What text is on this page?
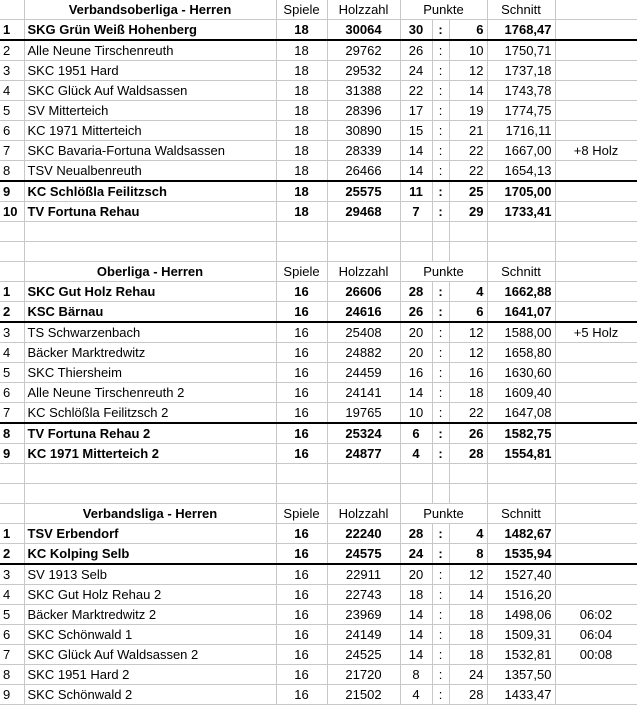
	Verbandsoberliga - Herren	Spiele	Holzzahl	Punkte			Schnitt	
1	SKG Grün Weiß Hohenberg	18	30064	30	:	6	1768,47	
2	Alle Neune Tirschenreuth	18	29762	26	:	10	1750,71	
3	SKC 1951 Hard	18	29532	24	:	12	1737,18	
4	SKC Glück Auf Waldsassen	18	31388	22	:	14	1743,78	
5	SV Mitterteich	18	28396	17	:	19	1774,75	
6	KC 1971 Mitterteich	18	30890	15	:	21	1716,11	
7	SKC Bavaria-Fortuna Waldsassen	18	28339	14	:	22	1667,00	+8 Holz
8	TSV Neualbenreuth	18	26466	14	:	22	1654,13	
9	KC Schlößla Feilitzsch	18	25575	11	:	25	1705,00	
10	TV Fortuna Rehau	18	29468	7	:	29	1733,41	

	Oberliga - Herren	Spiele	Holzzahl	Punkte			Schnitt	
1	SKC Gut Holz Rehau	16	26606	28	:	4	1662,88	
2	KSC Bärnau	16	24616	26	:	6	1641,07	
3	TS Schwarzenbach	16	25408	20	:	12	1588,00	+5 Holz
4	Bäcker Marktredwitz	16	24882	20	:	12	1658,80	
5	SKC Thiersheim	16	24459	16	:	16	1630,60	
6	Alle Neune Tirschenreuth 2	16	24141	14	:	18	1609,40	
7	KC Schlößla Feilitzsch 2	16	19765	10	:	22	1647,08	
8	TV Fortuna Rehau 2	16	25324	6	:	26	1582,75	
9	KC 1971 Mitterteich 2	16	24877	4	:	28	1554,81	

	Verbandsliga - Herren	Spiele	Holzzahl	Punkte			Schnitt	
1	TSV Erbendorf	16	22240	28	:	4	1482,67	
2	KC Kolping Selb	16	24575	24	:	8	1535,94	
3	SV 1913 Selb	16	22911	20	:	12	1527,40	
4	SKC Gut Holz Rehau 2	16	22743	18	:	14	1516,20	
5	Bäcker Marktredwitz 2	16	23969	14	:	18	1498,06	06:02
6	SKC Schönwald 1	16	24149	14	:	18	1509,31	06:04
7	SKC Glück Auf Waldsassen 2	16	24525	14	:	18	1532,81	00:08
8	SKC 1951 Hard 2	16	21720	8	:	24	1357,50	
9	SKC Schönwald 2	16	21502	4	:	28	1433,47	
